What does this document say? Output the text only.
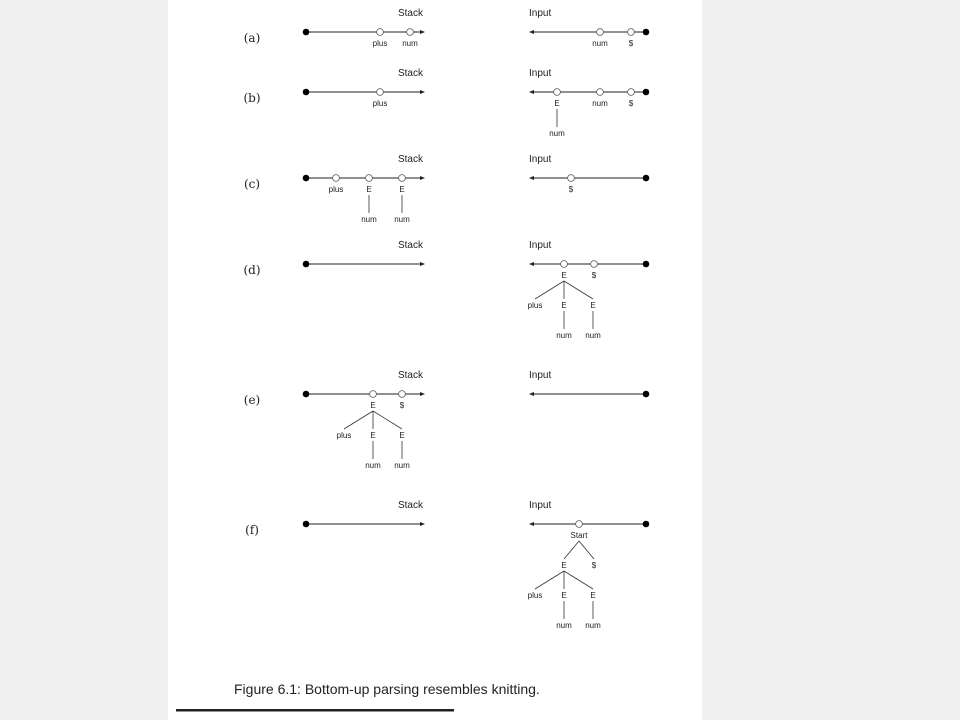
(a)
Stack	Input
plus num	num	$
(b)
Stack	Input
plus	E
num
num	$
(c)
Stack	Input
plus	E
num
E
num
$
(d)
Stack	Input
E
plus E
num
E
num
$
(e)
Stack	Input
E
plus E
num
E
num
$
(f)
Stack	Input
Start
E
plus E
num
E
num
$
Figure 6.1: Bottom-up parsing resembles knitting.
